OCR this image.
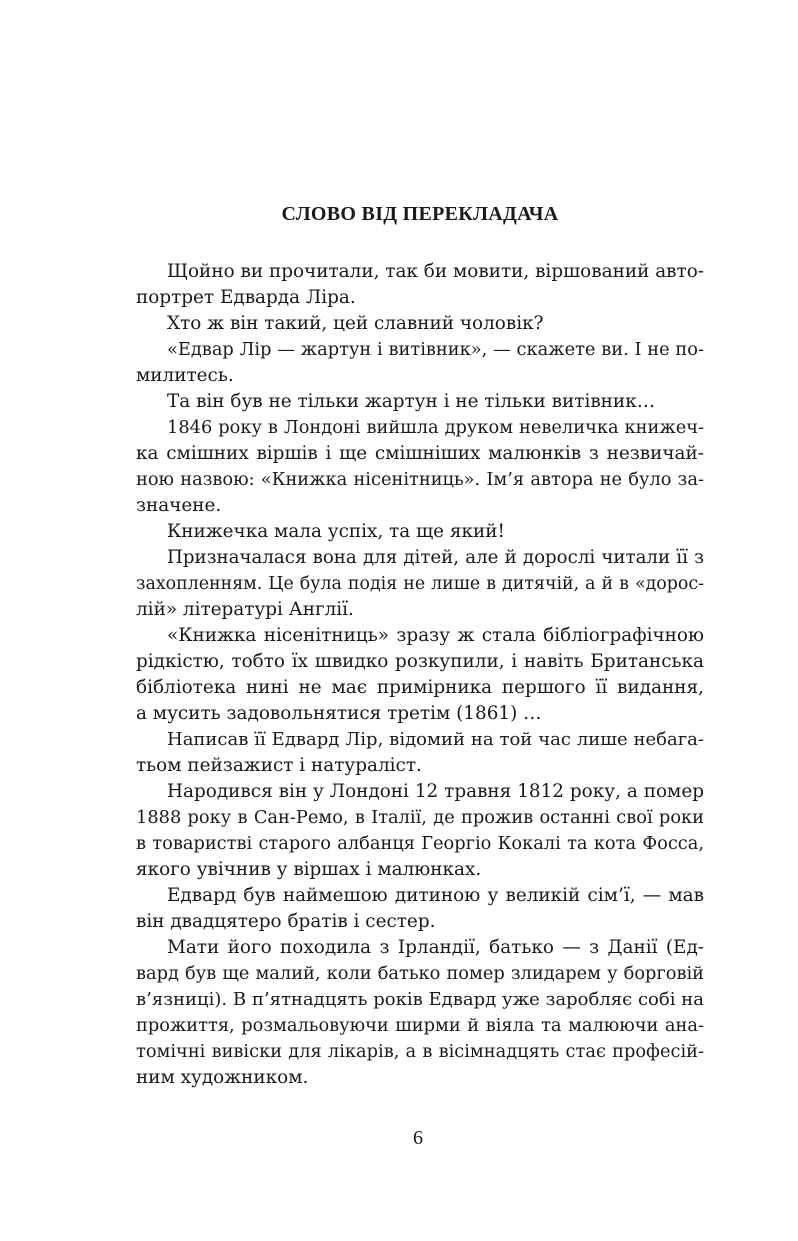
СЛОВО ВІД ПЕРЕКЛАДАЧА
Щойно ви прочитали, так би мовити, віршований авто-
портрет Едварда Ліра.
Хто ж він такий, цей славний чоловік?
«Едвар Лір — жартун і витівник», — скажете ви. І не по-
милитесь.
Та він був не тільки жартун і не тільки витівник…
1846 року в Лондоні вийшла друком невеличка книжеч-
ка смішних віршів і ще смішніших малюнків з незвичай-
ною назвою: «Книжка нісенітниць». Ім’я автора не було за-
значене.
Книжечка мала успіх, та ще який!
Призначалася вона для дітей, але й дорослі читали її з
захопленням. Це була подія не лише в дитячій, а й в «дорос-
лій» літературі Англії.
«Книжка нісенітниць» зразу ж стала бібліографічною
рідкістю, тобто їх швидко розкупили, і навіть Британська
бібліотека нині не має примірника першого її видання,
а мусить задовольнятися третім (1861) …
Написав її Едвард Лір, відомий на той час лише небага-
тьом пейзажист і натураліст.
Народився він у Лондоні 12 травня 1812 року, а помер
1888 року в Сан-Ремо, в Італії, де прожив останні свої роки
в товаристві старого албанця Георгіо Кокалі та кота Фосса,
якого увічнив у віршах і малюнках.
Едвард був наймешою дитиною у великій сім’ї, — мав
він двадцятеро братів і сестер.
Мати його походила з Ірландії, батько — з Данії (Ед-
вард був ще малий, коли батько помер злидарем у борговій
в’язниці). В п’ятнадцять років Едвард уже заробляє собі на
прожиття, розмальовуючи ширми й віяла та малюючи ана-
томічні вивіски для лікарів, а в вісімнадцять стає професій-
ним художником.
6
